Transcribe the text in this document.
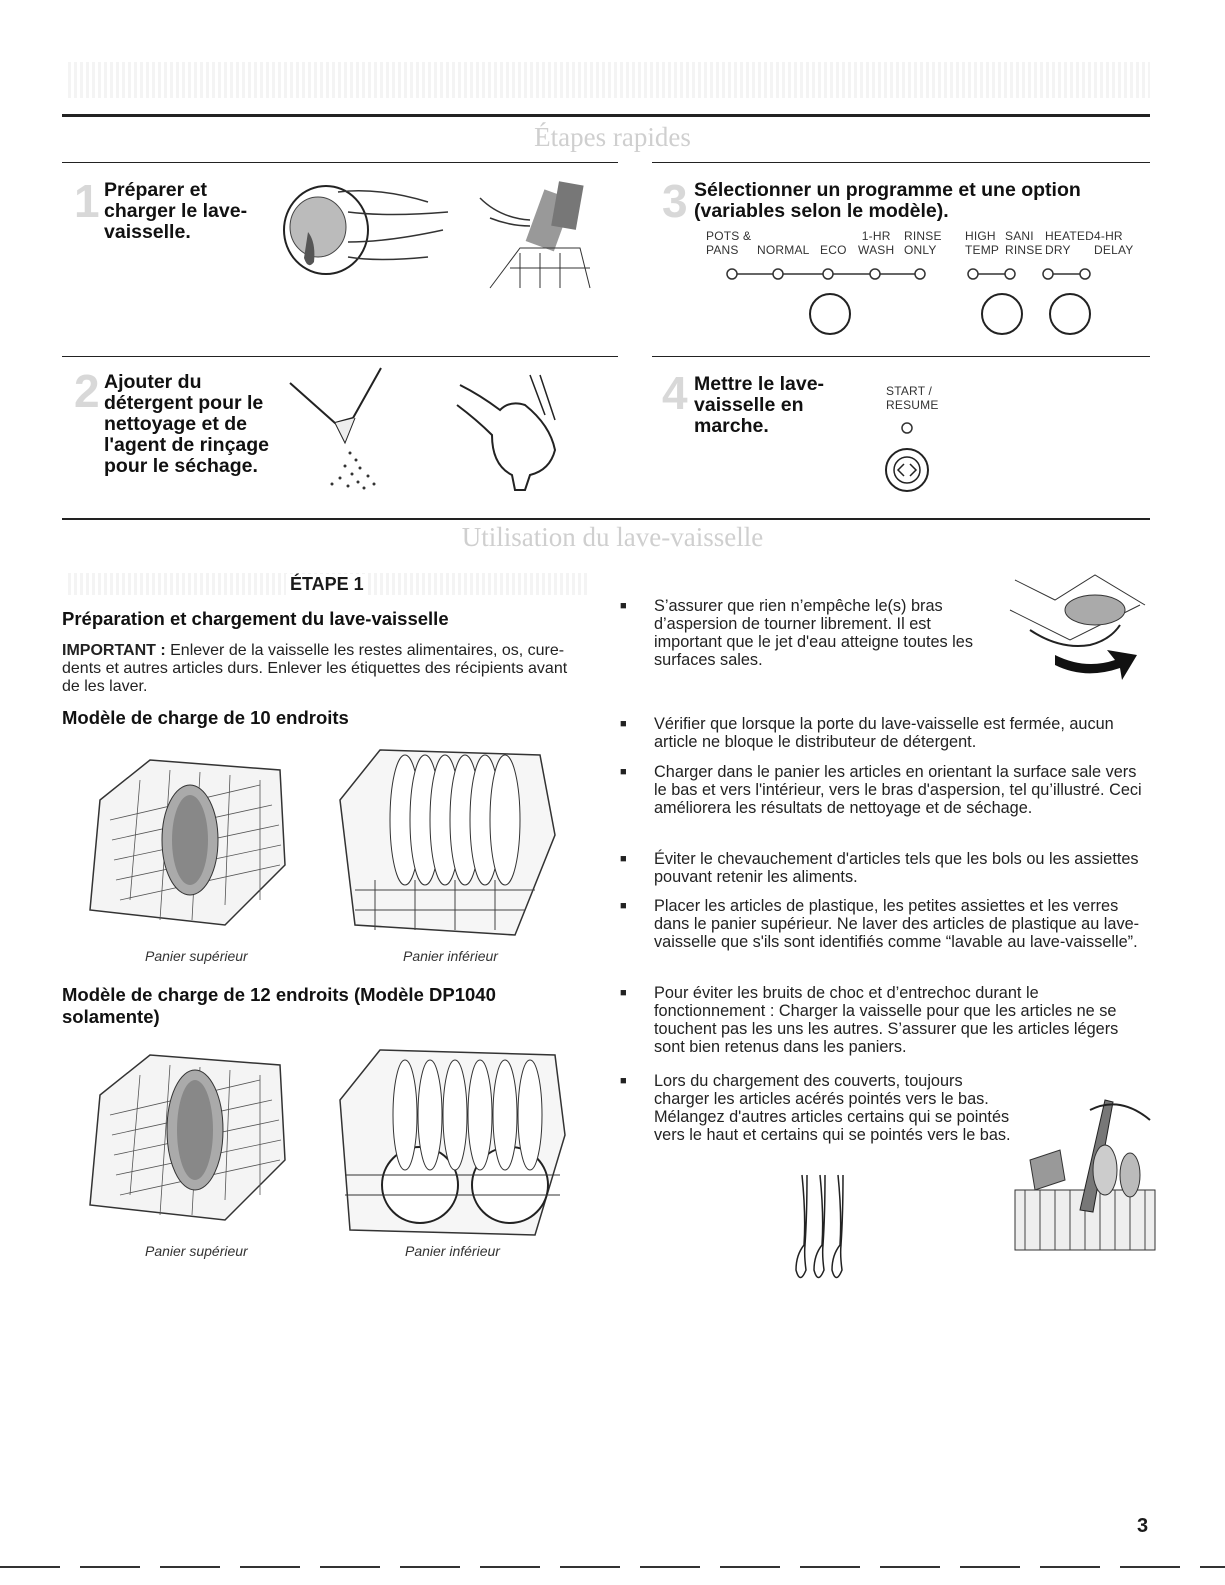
Étapes rapides
1 Préparer et charger le lave-vaisselle.
3 Sélectionner un programme et une option (variables selon le modèle).
POTS &
PANS	NORMAL ECO
1-HR
WASH
RINSE
ONLY
HIGH
TEMP
SANI
RINSE
HEATED
DRY
4-HR
DELAY
2 Ajouter du détergent pour le nettoyage et de l'agent de rinçage pour le séchage.
4 Mettre le lave-vaisselle en marche.
START /
RESUME
Utilisation du lave-vaisselle
ÉTAPE 1
Préparation et chargement du lave-vaisselle
IMPORTANT : Enlever de la vaisselle les restes alimentaires, os, cure-dents et autres articles durs. Enlever les étiquettes des récipients avant de les laver.
Modèle de charge de 10 endroits
Panier supérieur	Panier inférieur
Modèle de charge de 12 endroits (Modèle DP1040 solamente)
Panier supérieur	Panier inférieur
■ S’assurer que rien n’empêche le(s) bras d’aspersion de tourner librement. Il est important que le jet d'eau atteigne toutes les surfaces sales.
■ Vérifier que lorsque la porte du lave-vaisselle est fermée, aucun article ne bloque le distributeur de détergent.
■ Charger dans le panier les articles en orientant la surface sale vers le bas et vers l'intérieur, vers le bras d'aspersion, tel qu’illustré. Ceci améliorera les résultats de nettoyage et de séchage.
■ Éviter le chevauchement d'articles tels que les bols ou les assiettes pouvant retenir les aliments.
■ Placer les articles de plastique, les petites assiettes et les verres dans le panier supérieur. Ne laver des articles de plastique au lave-vaisselle que s'ils sont identifiés comme “lavable au lave-vaisselle”.
■ Pour éviter les bruits de choc et d’entrechoc durant le fonctionnement : Charger la vaisselle pour que les articles ne se touchent pas les uns les autres. S’assurer que les articles légers sont bien retenus dans les paniers.
■ Lors du chargement des couverts, toujours charger les articles acérés pointés vers le bas. Mélangez d'autres articles certains qui se pointés vers le haut et certains qui se pointés vers le bas.
3
